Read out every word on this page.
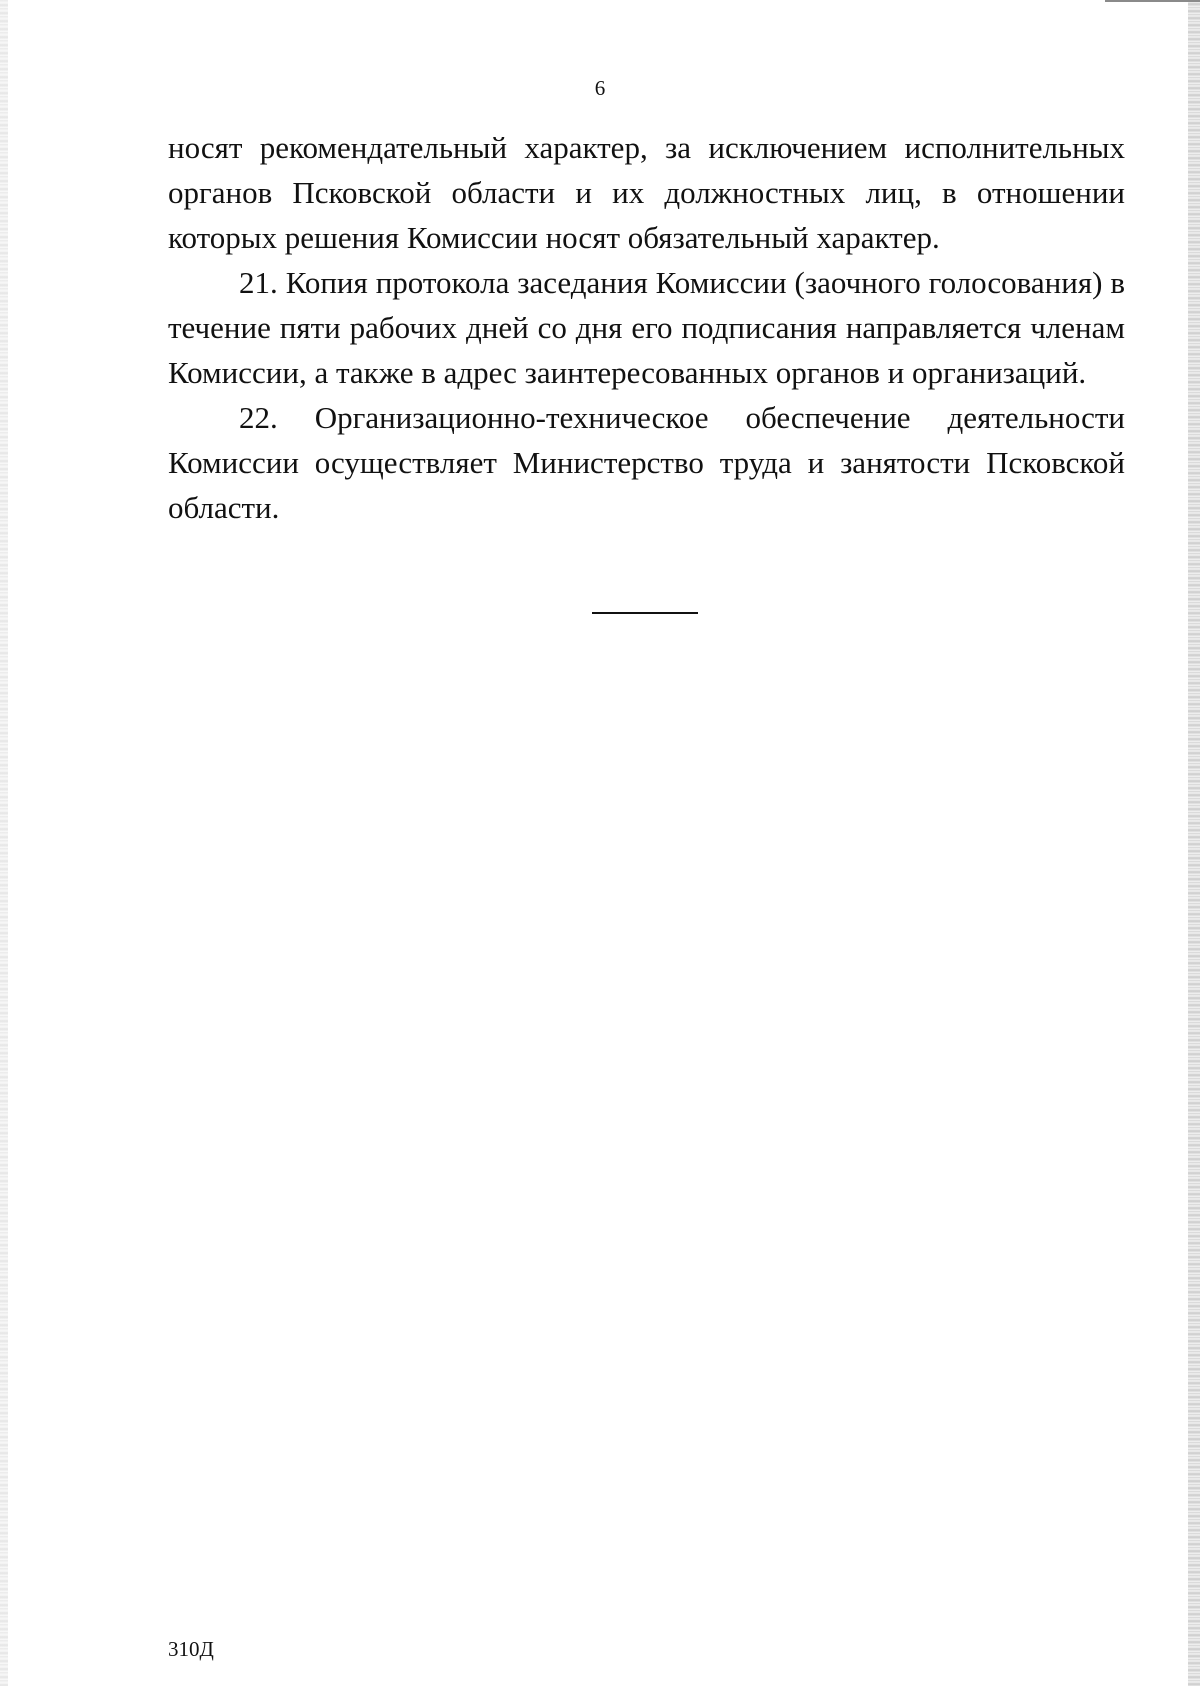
6

носят рекомендательный характер, за исключением исполнительных органов Псковской области и их должностных лиц, в отношении которых решения Комиссии носят обязательный характер.

21. Копия протокола заседания Комиссии (заочного голосования) в течение пяти рабочих дней со дня его подписания направляется членам Комиссии, а также в адрес заинтересованных органов и организаций.

22. Организационно-техническое обеспечение деятельности Комиссии осуществляет Министерство труда и занятости Псковской области.

310Д
